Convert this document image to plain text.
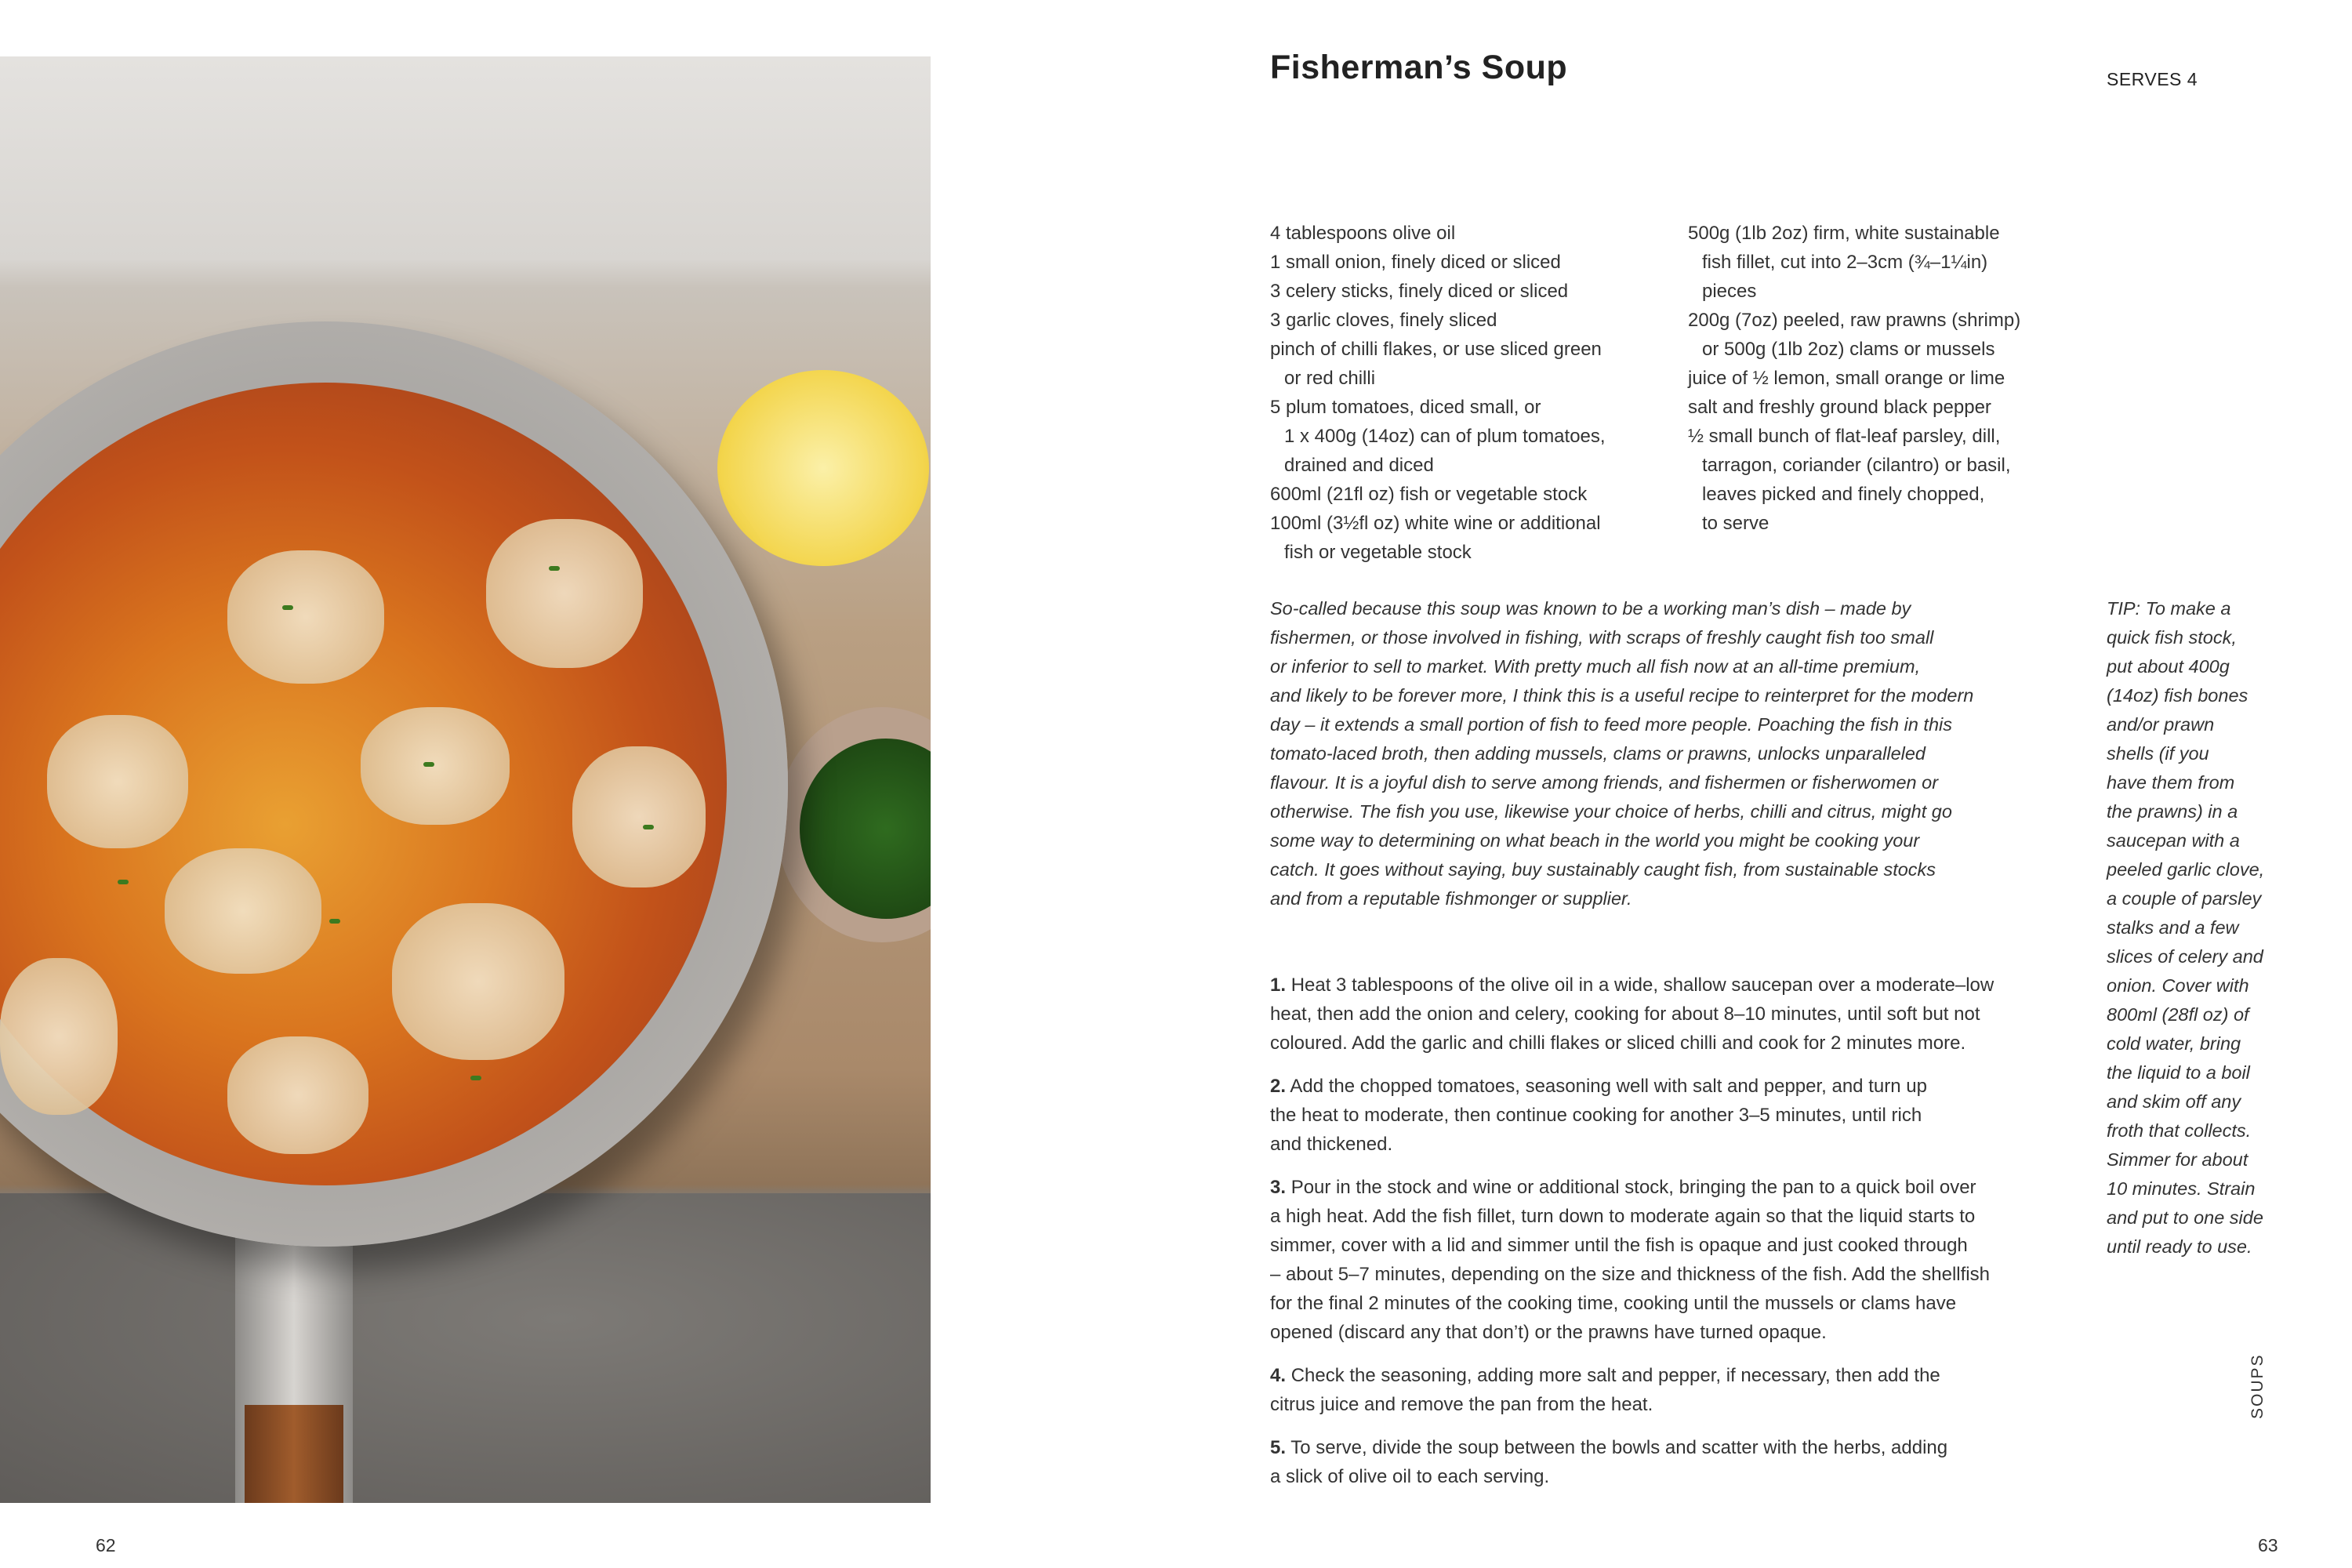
62
Fisherman’s Soup	SERVES 4
4 tablespoons olive oil
1 small onion, finely diced or sliced
3 celery sticks, finely diced or sliced
3 garlic cloves, finely sliced
pinch of chilli flakes, or use sliced green
or red chilli
5 plum tomatoes, diced small, or
1 x 400g (14oz) can of plum tomatoes,
drained and diced
600ml (21fl oz) fish or vegetable stock
100ml (3½fl oz) white wine or additional
fish or vegetable stock
500g (1lb 2oz) firm, white sustainable
fish fillet, cut into 2–3cm (¾–1¼in)
pieces
200g (7oz) peeled, raw prawns (shrimp)
or 500g (1lb 2oz) clams or mussels
juice of ½ lemon, small orange or lime
salt and freshly ground black pepper
½ small bunch of flat-leaf parsley, dill,
tarragon, coriander (cilantro) or basil,
leaves picked and finely chopped,
to serve
So-called because this soup was known to be a working man’s dish – made by
fishermen, or those involved in fishing, with scraps of freshly caught fish too small
or inferior to sell to market. With pretty much all fish now at an all-time premium,
and likely to be forever more, I think this is a useful recipe to reinterpret for the modern
day – it extends a small portion of fish to feed more people. Poaching the fish in this
tomato-laced broth, then adding mussels, clams or prawns, unlocks unparalleled
flavour. It is a joyful dish to serve among friends, and fishermen or fisherwomen or
otherwise. The fish you use, likewise your choice of herbs, chilli and citrus, might go
some way to determining on what beach in the world you might be cooking your
catch. It goes without saying, buy sustainably caught fish, from sustainable stocks
and from a reputable fishmonger or supplier.
TIP: To make a
quick fish stock,
put about 400g
(14oz) fish bones
and/or prawn
shells (if you
have them from
the prawns) in a
saucepan with a
peeled garlic clove,
a couple of parsley
stalks and a few
slices of celery and
onion. Cover with
800ml (28fl oz) of
cold water, bring
the liquid to a boil
and skim off any
froth that collects.
Simmer for about
10 minutes. Strain
and put to one side
until ready to use.
1. Heat 3 tablespoons of the olive oil in a wide, shallow saucepan over a moderate–low
heat, then add the onion and celery, cooking for about 8–10 minutes, until soft but not
coloured. Add the garlic and chilli flakes or sliced chilli and cook for 2 minutes more.
2. Add the chopped tomatoes, seasoning well with salt and pepper, and turn up
the heat to moderate, then continue cooking for another 3–5 minutes, until rich
and thickened.
3. Pour in the stock and wine or additional stock, bringing the pan to a quick boil over
a high heat. Add the fish fillet, turn down to moderate again so that the liquid starts to
simmer, cover with a lid and simmer until the fish is opaque and just cooked through
– about 5–7 minutes, depending on the size and thickness of the fish. Add the shellfish
for the final 2 minutes of the cooking time, cooking until the mussels or clams have
opened (discard any that don’t) or the prawns have turned opaque.
4. Check the seasoning, adding more salt and pepper, if necessary, then add the
citrus juice and remove the pan from the heat.
5. To serve, divide the soup between the bowls and scatter with the herbs, adding
a slick of olive oil to each serving.
SOUPS
63
